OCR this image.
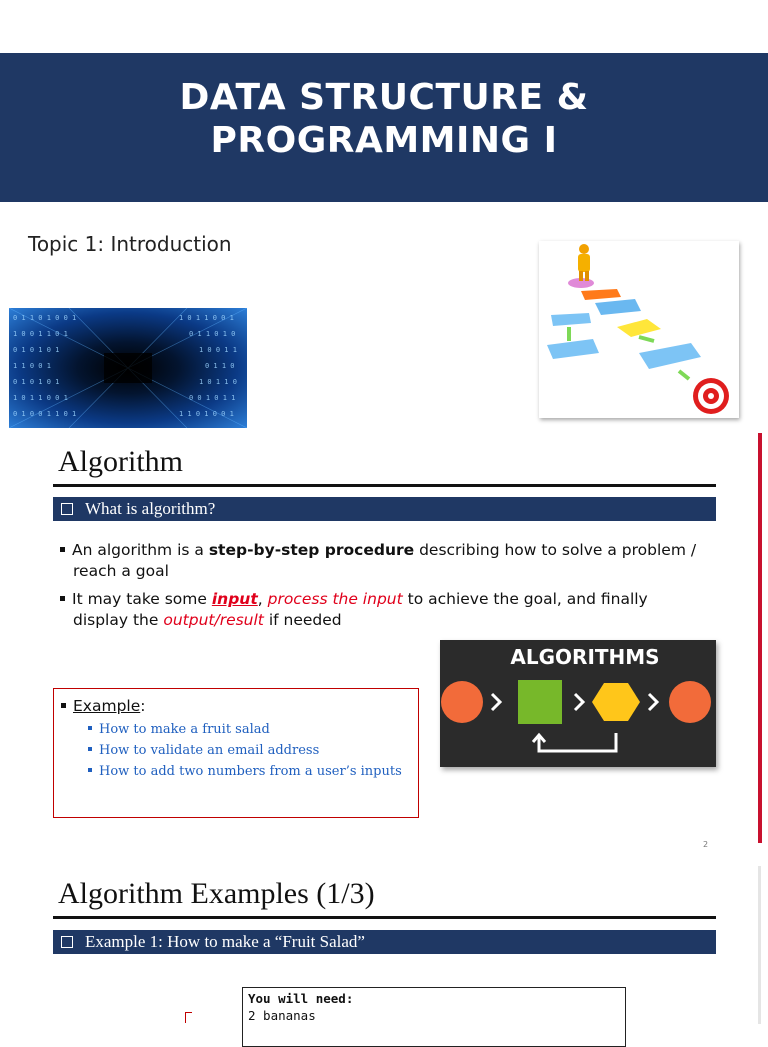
DATA STRUCTURE &
PROGRAMMING I
Topic 1: Introduction
0 1 1 0 1 0 0 1
1 0 0 1 1 0 1
0 1 0 1 0 1
1 1 0 0 1
0 1 0 1 0 1
1 0 1 1 0 0 1
0 1 0 0 1 1 0 1
1 0 1 1 0 0 1
0 1 1 0 1 0
1 0 0 1 1
0 1 1 0
1 0 1 1 0
0 0 1 0 1 1
1 1 0 1 0 0 1
Algorithm
What is algorithm?
An algorithm is a step-by-step procedure describing how to solve a problem /
reach a goal
It may take some input, process the input to achieve the goal, and finally
display the output/result if needed
Example:
How to make a fruit salad
How to validate an email address
How to add two numbers from a user’s inputs
ALGORITHMS
2
Algorithm Examples (1/3)
Example 1: How to make a “Fruit Salad”
You will need:
2 bananas
